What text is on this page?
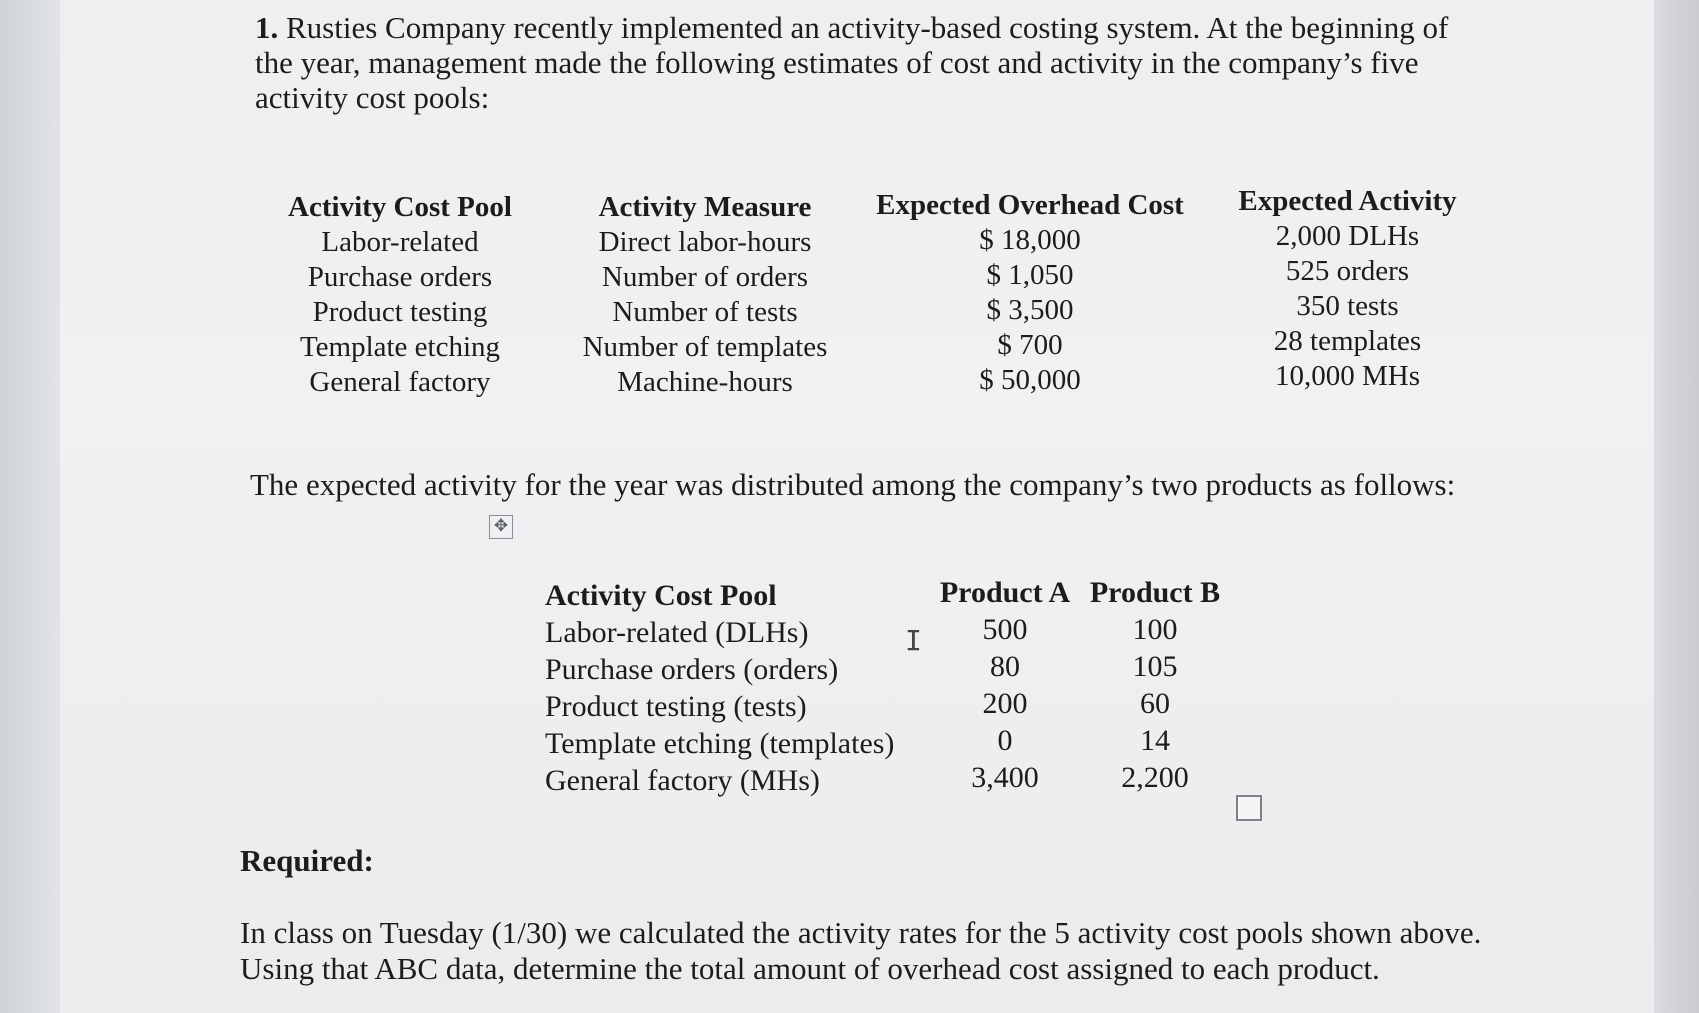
1. Rusties Company recently implemented an activity-based costing system. At the beginning of the year, management made the following estimates of cost and activity in the company’s five activity cost pools:

Activity Cost Pool
Labor-related
Purchase orders
Product testing
Template etching
General factory
Activity Measure
Direct labor-hours
Number of orders
Number of tests
Number of templates
Machine-hours
Expected Overhead Cost
$ 18,000
$ 1,050
$ 3,500
$ 700
$ 50,000
Expected Activity
2,000 DLHs
525 orders
350 tests
28 templates
10,000 MHs

The expected activity for the year was distributed among the company’s two products as follows:

✥
Activity Cost Pool
Labor-related (DLHs)
Purchase orders (orders)
Product testing (tests)
Template etching (templates)
General factory (MHs)
Product A
500
80
200
0
3,400
Product B
100
105
60
14
2,200
I

Required:

In class on Tuesday (1/30) we calculated the activity rates for the 5 activity cost pools shown above. Using that ABC data, determine the total amount of overhead cost assigned to each product.
